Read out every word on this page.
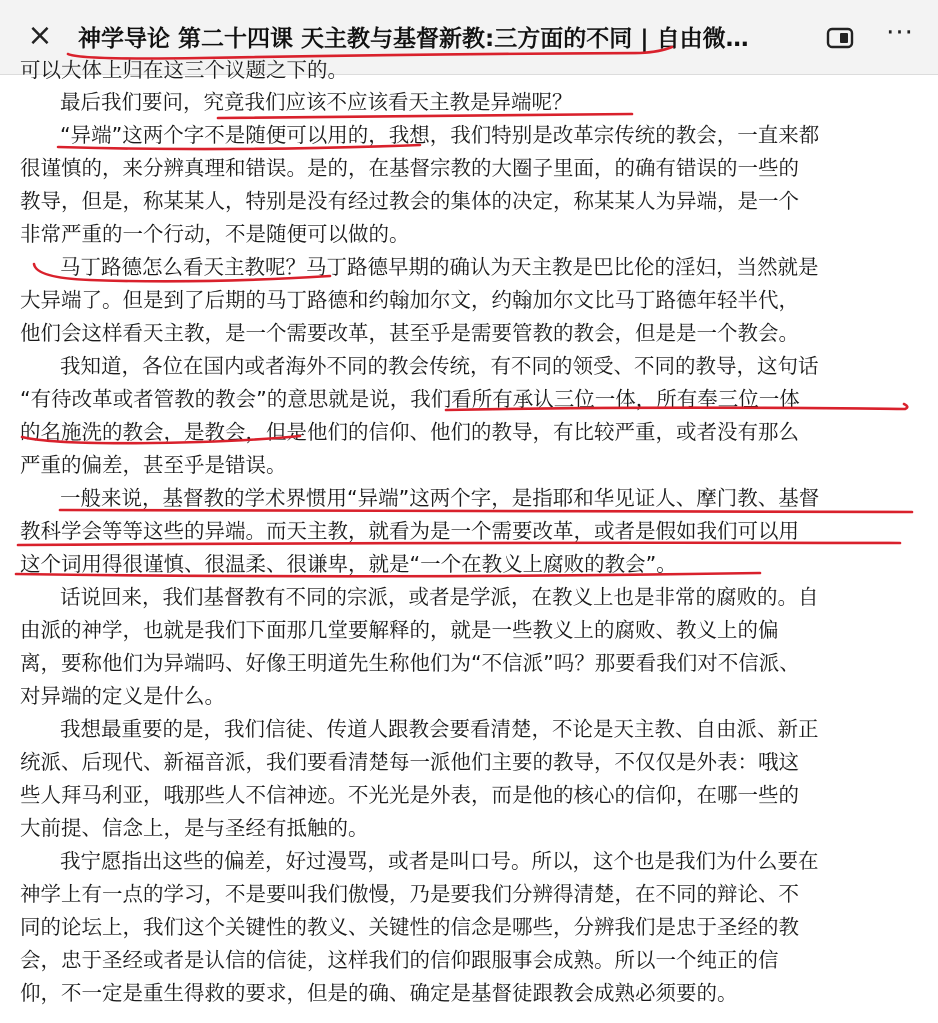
× 神学导论 第二十四课 天主教与基督新教:三方面的不同 | 自由微…	···
可以大体上归在这三个议题之下的。
最后我们要问，究竟我们应该不应该看天主教是异端呢？
“异端”这两个字不是随便可以用的，我想，我们特别是改革宗传统的教会，一直来都
很谨慎的，来分辨真理和错误。是的，在基督宗教的大圈子里面，的确有错误的一些的
教导，但是，称某某人，特别是没有经过教会的集体的决定，称某某人为异端，是一个
非常严重的一个行动，不是随便可以做的。
马丁路德怎么看天主教呢？马丁路德早期的确认为天主教是巴比伦的淫妇，当然就是
大异端了。但是到了后期的马丁路德和约翰加尔文，约翰加尔文比马丁路德年轻半代，
他们会这样看天主教，是一个需要改革，甚至乎是需要管教的教会，但是是一个教会。
我知道，各位在国内或者海外不同的教会传统，有不同的领受、不同的教导，这句话
“有待改革或者管教的教会”的意思就是说，我们看所有承认三位一体，所有奉三位一体
的名施洗的教会，是教会，但是他们的信仰、他们的教导，有比较严重，或者没有那么
严重的偏差，甚至乎是错误。
一般来说，基督教的学术界惯用“异端”这两个字，是指耶和华见证人、摩门教、基督
教科学会等等这些的异端。而天主教，就看为是一个需要改革，或者是假如我们可以用
这个词用得很谨慎、很温柔、很谦卑，就是“一个在教义上腐败的教会”。
话说回来，我们基督教有不同的宗派，或者是学派，在教义上也是非常的腐败的。自
由派的神学，也就是我们下面那几堂要解释的，就是一些教义上的腐败、教义上的偏
离，要称他们为异端吗、好像王明道先生称他们为“不信派”吗？那要看我们对不信派、
对异端的定义是什么。
我想最重要的是，我们信徒、传道人跟教会要看清楚，不论是天主教、自由派、新正
统派、后现代、新福音派，我们要看清楚每一派他们主要的教导，不仅仅是外表：哦这
些人拜马利亚，哦那些人不信神迹。不光光是外表，而是他的核心的信仰，在哪一些的
大前提、信念上，是与圣经有抵触的。
我宁愿指出这些的偏差，好过漫骂，或者是叫口号。所以，这个也是我们为什么要在
神学上有一点的学习，不是要叫我们傲慢，乃是要我们分辨得清楚，在不同的辩论、不
同的论坛上，我们这个关键性的教义、关键性的信念是哪些，分辨我们是忠于圣经的教
会，忠于圣经或者是认信的信徒，这样我们的信仰跟服事会成熟。所以一个纯正的信
仰，不一定是重生得救的要求，但是的确、确定是基督徒跟教会成熟必须要的。
